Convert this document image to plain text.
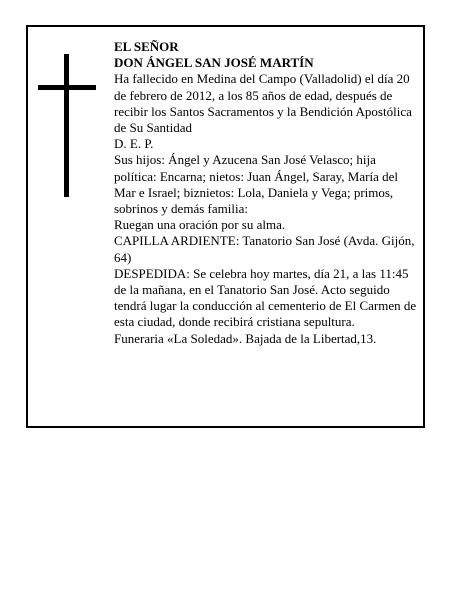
EL SEÑOR

DON ÁNGEL SAN JOSÉ MARTÍN

Ha fallecido en Medina del Campo (Valladolid) el día 20 de febrero de 2012, a los 85 años de edad, después de recibir los Santos Sacramentos y la Bendición Apostólica de Su Santidad

D. E. P.

Sus hijos: Ángel y Azucena San José Velasco; hija política: Encarna; nietos: Juan Ángel, Saray, María del Mar e Israel; biznietos: Lola, Daniela y Vega; primos, sobrinos y demás familia:

Ruegan una oración por su alma.

CAPILLA ARDIENTE: Tanatorio San José (Avda. Gijón, 64)

DESPEDIDA: Se celebra hoy martes, día 21, a las 11:45 de la mañana, en el Tanatorio San José. Acto seguido tendrá lugar la conducción al cementerio de El Carmen de esta ciudad, donde recibirá cristiana sepultura.

Funeraria «La Soledad». Bajada de la Libertad,13.
